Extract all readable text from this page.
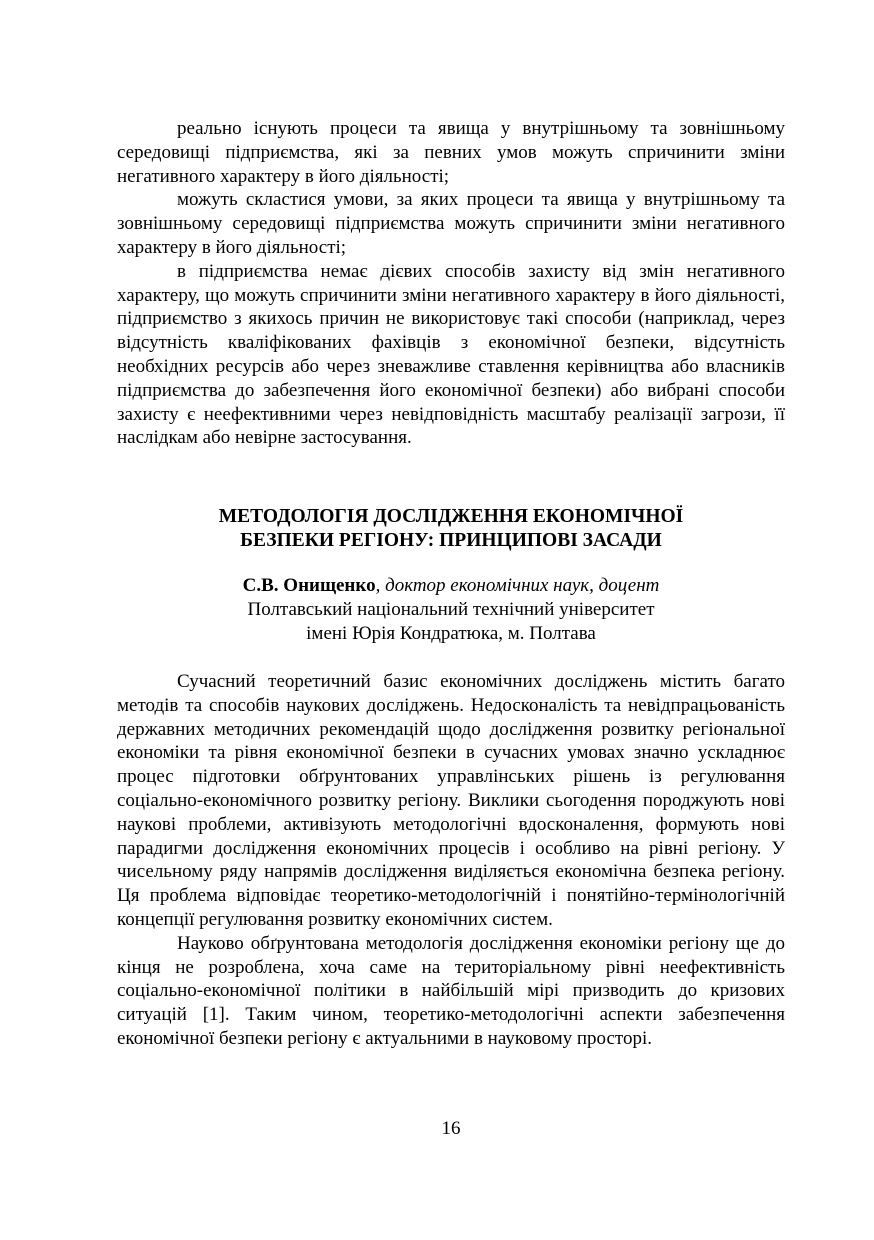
реально існують процеси та явища у внутрішньому та зовнішньому середовищі підприємства, які за певних умов можуть спричинити зміни негативного характеру в його діяльності;

можуть скластися умови, за яких процеси та явища у внутрішньому та зовнішньому середовищі підприємства можуть спричинити зміни негативного характеру в його діяльності;

в підприємства немає дієвих способів захисту від змін негативного характеру, що можуть спричинити зміни негативного характеру в його діяльності, підприємство з якихось причин не використовує такі способи (наприклад, через відсутність кваліфікованих фахівців з економічної безпеки, відсутність необхідних ресурсів або через зневажливе ставлення керівництва або власників підприємства до забезпечення його економічної безпеки) або вибрані способи захисту є неефективними через невідповідність масштабу реалізації загрози, її наслідкам або невірне застосування.

МЕТОДОЛОГІЯ ДОСЛІДЖЕННЯ ЕКОНОМІЧНОЇ
БЕЗПЕКИ РЕГІОНУ: ПРИНЦИПОВІ ЗАСАДИ
С.В. Онищенко, доктор економічних наук, доцент
Полтавський національний технічний університет
імені Юрія Кондратюка, м. Полтава

Сучасний теоретичний базис економічних досліджень містить багато методів та способів наукових досліджень. Недосконалість та невідпрацьованість державних методичних рекомендацій щодо дослідження розвитку регіональної економіки та рівня економічної безпеки в сучасних умовах значно ускладнює процес підготовки обґрунтованих управлінських рішень із регулювання соціально-економічного розвитку регіону. Виклики сьогодення породжують нові наукові проблеми, активізують методологічні вдосконалення, формують нові парадигми дослідження економічних процесів і особливо на рівні регіону. У чисельному ряду напрямів дослідження виділяється економічна безпека регіону. Ця проблема відповідає теоретико-методологічній і понятійно-термінологічній концепції регулювання розвитку економічних систем.

Науково обґрунтована методологія дослідження економіки регіону ще до кінця не розроблена, хоча саме на територіальному рівні неефективність соціально-економічної політики в найбільшій мірі призводить до кризових ситуацій [1]. Таким чином, теоретико-методологічні аспекти забезпечення економічної безпеки регіону є актуальними в науковому просторі.

16
